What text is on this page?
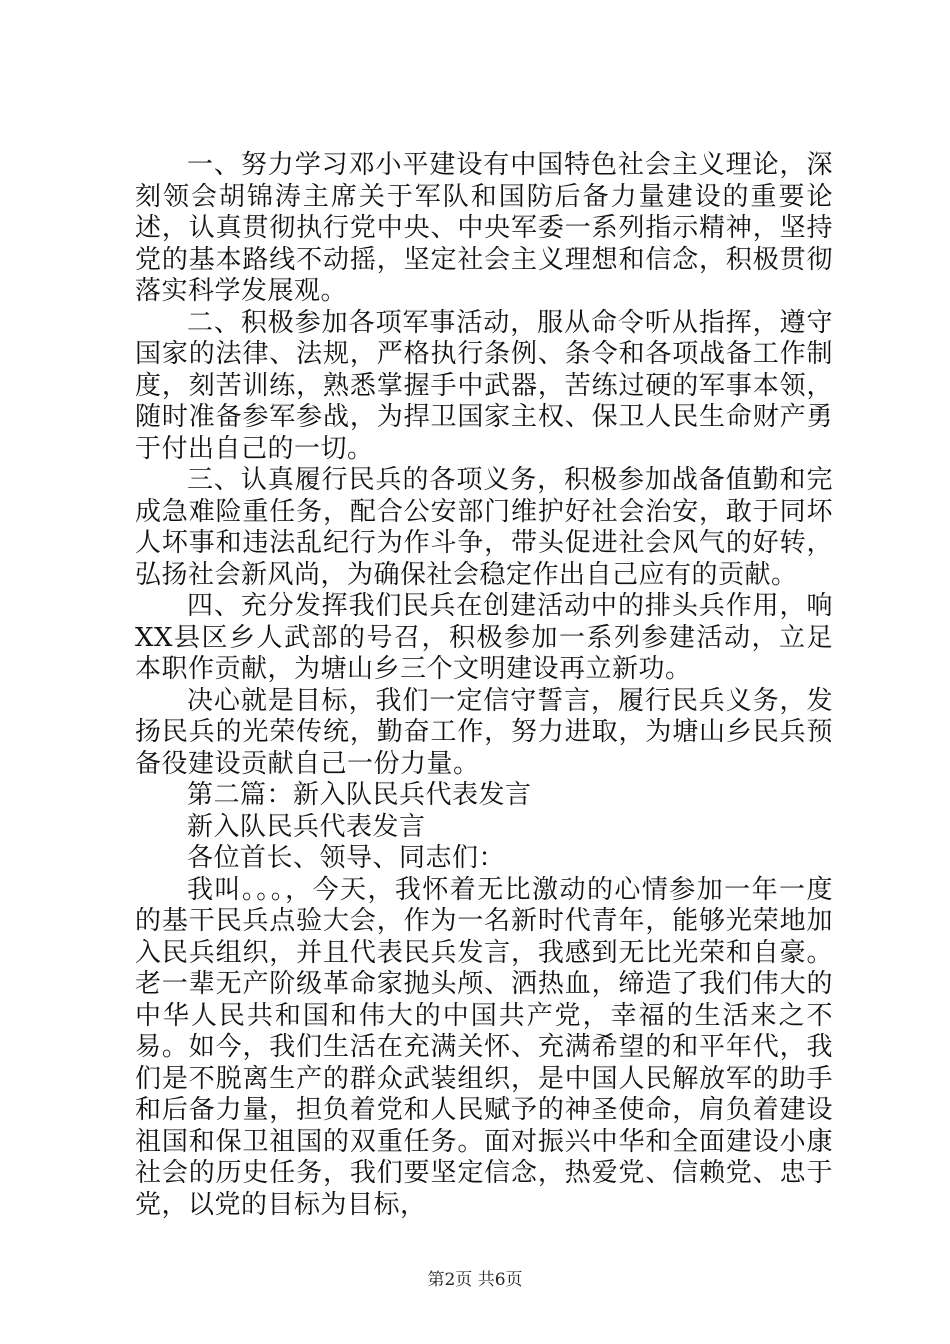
一、努力学习邓小平建设有中国特色社会主义理论，深刻领会胡锦涛主席关于军队和国防后备力量建设的重要论述，认真贯彻执行党中央、中央军委一系列指示精神，坚持党的基本路线不动摇，坚定社会主义理想和信念，积极贯彻落实科学发展观。

二、积极参加各项军事活动，服从命令听从指挥，遵守国家的法律、法规，严格执行条例、条令和各项战备工作制度，刻苦训练，熟悉掌握手中武器，苦练过硬的军事本领，随时准备参军参战，为捍卫国家主权、保卫人民生命财产勇于付出自己的一切。

三、认真履行民兵的各项义务，积极参加战备值勤和完成急难险重任务，配合公安部门维护好社会治安，敢于同坏人坏事和违法乱纪行为作斗争，带头促进社会风气的好转，弘扬社会新风尚，为确保社会稳定作出自己应有的贡献。

四、充分发挥我们民兵在创建活动中的排头兵作用，响XX县区乡人武部的号召，积极参加一系列参建活动，立足本职作贡献，为塘山乡三个文明建设再立新功。

决心就是目标，我们一定信守誓言，履行民兵义务，发扬民兵的光荣传统，勤奋工作，努力进取，为塘山乡民兵预备役建设贡献自己一份力量。

第二篇：新入队民兵代表发言

新入队民兵代表发言

各位首长、领导、同志们：

我叫。。。，今天，我怀着无比激动的心情参加一年一度的基干民兵点验大会，作为一名新时代青年，能够光荣地加入民兵组织，并且代表民兵发言，我感到无比光荣和自豪。老一辈无产阶级革命家抛头颅、洒热血，缔造了我们伟大的中华人民共和国和伟大的中国共产党，幸福的生活来之不易。如今，我们生活在充满关怀、充满希望的和平年代，我们是不脱离生产的群众武装组织，是中国人民解放军的助手和后备力量，担负着党和人民赋予的神圣使命，肩负着建设祖国和保卫祖国的双重任务。面对振兴中华和全面建设小康社会的历史任务，我们要坚定信念，热爱党、信赖党、忠于党，以党的目标为目标，

第2页 共6页
